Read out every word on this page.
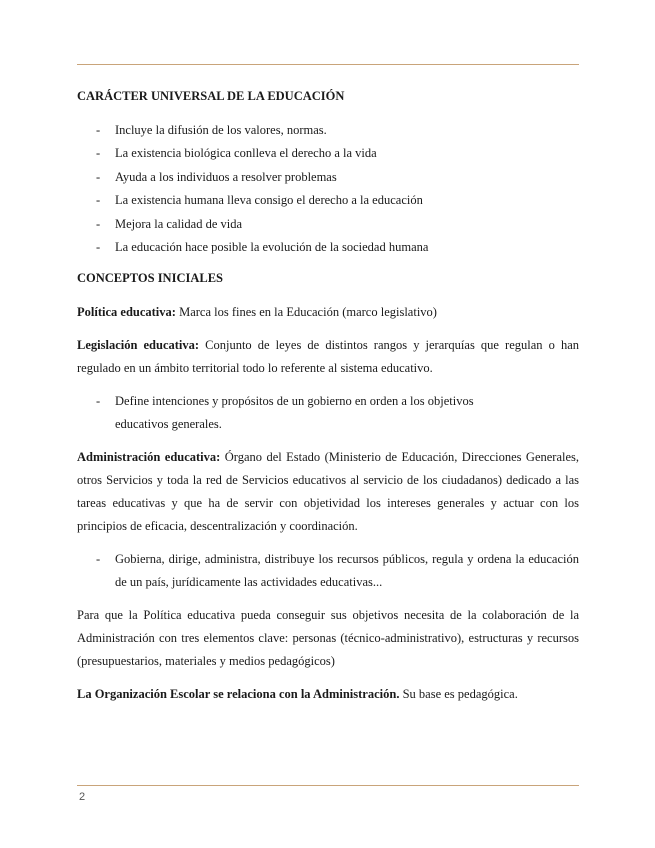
CARÁCTER UNIVERSAL DE LA EDUCACIÓN

- Incluye la difusión de los valores, normas.
- La existencia biológica conlleva el derecho a la vida
- Ayuda a los individuos a resolver problemas
- La existencia humana lleva consigo el derecho a la educación
- Mejora la calidad de vida
- La educación hace posible la evolución de la sociedad humana

CONCEPTOS INICIALES

Política educativa: Marca los fines en la Educación (marco legislativo)

Legislación educativa: Conjunto de leyes de distintos rangos y jerarquías que regulan o han regulado en un ámbito territorial todo lo referente al sistema educativo.

- Define intenciones y propósitos de un gobierno en orden a los objetivos educativos generales.

Administración educativa: Órgano del Estado (Ministerio de Educación, Direcciones Generales, otros Servicios y toda la red de Servicios educativos al servicio de los ciudadanos) dedicado a las tareas educativas y que ha de servir con objetividad los intereses generales y actuar con los principios de eficacia, descentralización y coordinación.

- Gobierna, dirige, administra, distribuye los recursos públicos, regula y ordena la educación de un país, jurídicamente las actividades educativas...

Para que la Política educativa pueda conseguir sus objetivos necesita de la colaboración de la Administración con tres elementos clave: personas (técnico-administrativo), estructuras y recursos (presupuestarios, materiales y medios pedagógicos)

La Organización Escolar se relaciona con la Administración. Su base es pedagógica.

2
